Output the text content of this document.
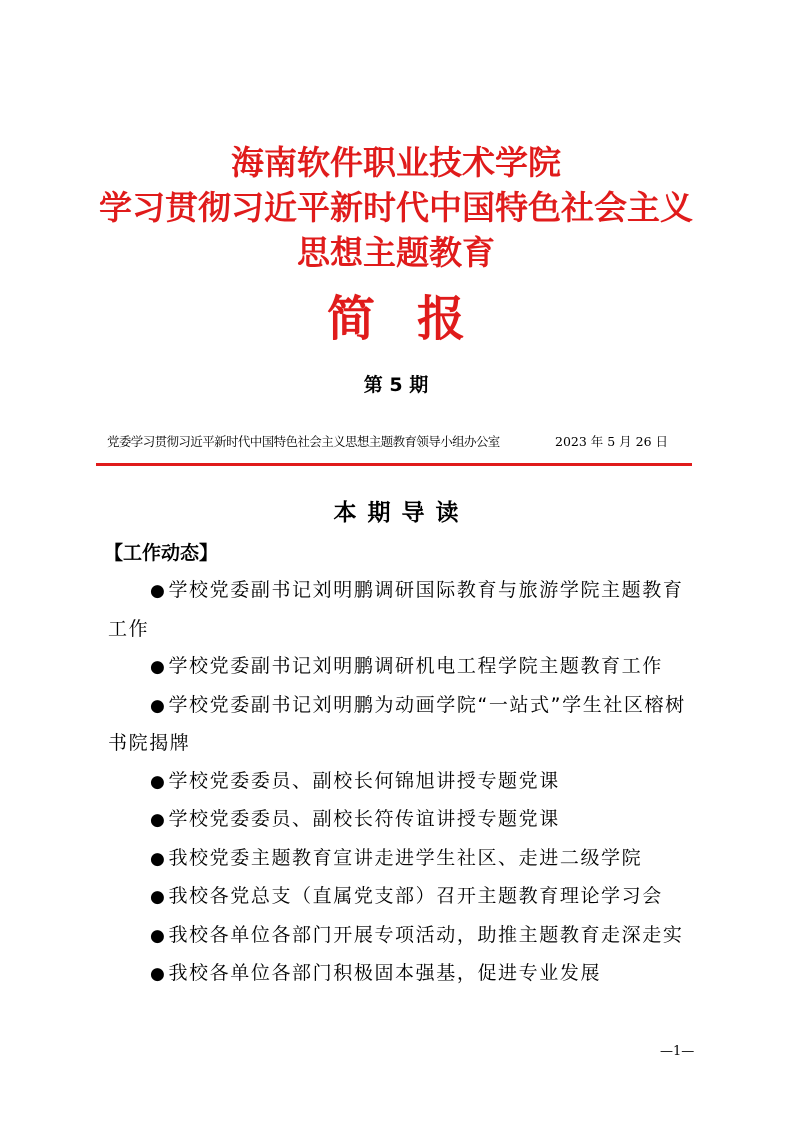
海南软件职业技术学院
学习贯彻习近平新时代中国特色社会主义
思想主题教育
简报
第 5 期
党委学习贯彻习近平新时代中国特色社会主义思想主题教育领导小组办公室	2023 年 5 月 26 日
本期导读
【工作动态】

● 学校党委副书记刘明鹏调研国际教育与旅游学院主题教育工作

● 学校党委副书记刘明鹏调研机电工程学院主题教育工作

● 学校党委副书记刘明鹏为动画学院“一站式”学生社区榕树书院揭牌

● 学校党委委员、副校长何锦旭讲授专题党课

● 学校党委委员、副校长符传谊讲授专题党课

● 我校党委主题教育宣讲走进学生社区、走进二级学院

● 我校各党总支（直属党支部）召开主题教育理论学习会

● 我校各单位各部门开展专项活动，助推主题教育走深走实

● 我校各单位各部门积极固本强基，促进专业发展

—1—
